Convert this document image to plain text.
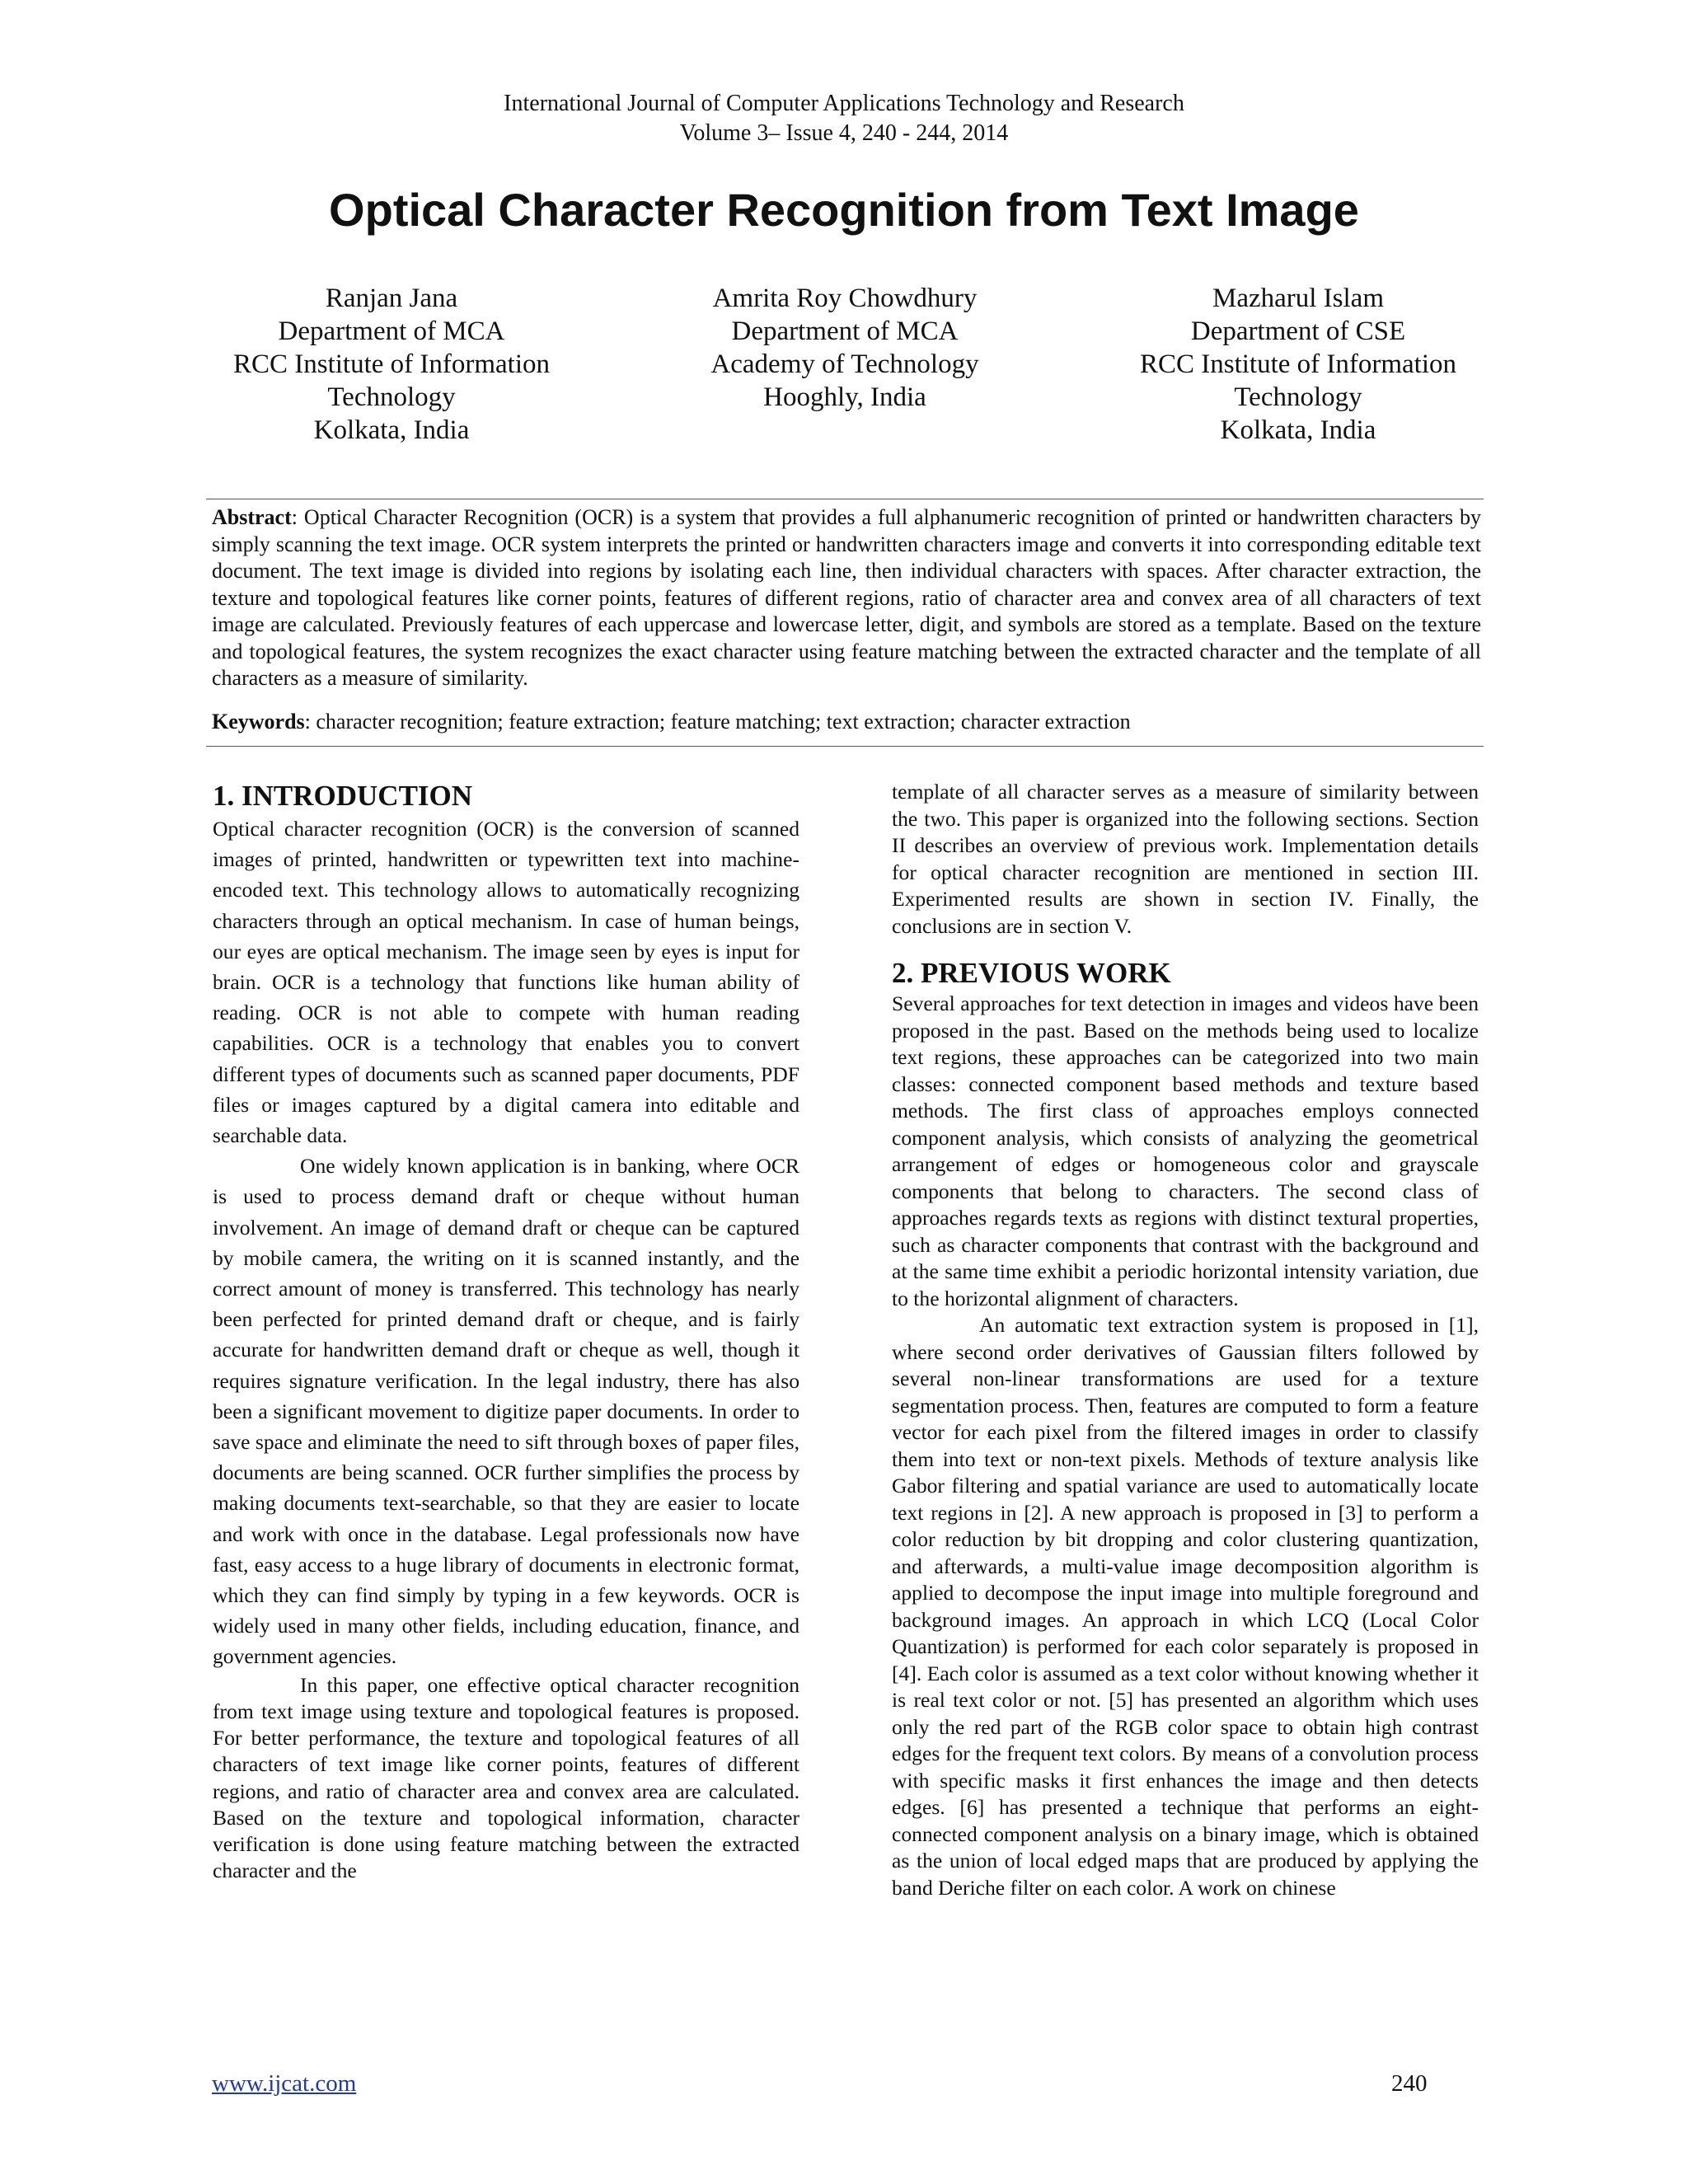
International Journal of Computer Applications Technology and Research
Volume 3– Issue 4, 240 - 244, 2014
Optical Character Recognition from Text Image
Ranjan Jana
Department of MCA
RCC Institute of Information
Technology
Kolkata, India
Amrita Roy Chowdhury
Department of MCA
Academy of Technology
Hooghly, India
Mazharul Islam
Department of CSE
RCC Institute of Information
Technology
Kolkata, India

Abstract: Optical Character Recognition (OCR) is a system that provides a full alphanumeric recognition of printed or handwritten characters by simply scanning the text image. OCR system interprets the printed or handwritten characters image and converts it into corresponding editable text document. The text image is divided into regions by isolating each line, then individual characters with spaces. After character extraction, the texture and topological features like corner points, features of different regions, ratio of character area and convex area of all characters of text image are calculated. Previously features of each uppercase and lowercase letter, digit, and symbols are stored as a template. Based on the texture and topological features, the system recognizes the exact character using feature matching between the extracted character and the template of all characters as a measure of similarity.

Keywords: character recognition; feature extraction; feature matching; text extraction; character extraction

1. INTRODUCTION

Optical character recognition (OCR) is the conversion of scanned images of printed, handwritten or typewritten text into machine-encoded text. This technology allows to automatically recognizing characters through an optical mechanism. In case of human beings, our eyes are optical mechanism. The image seen by eyes is input for brain. OCR is a technology that functions like human ability of reading. OCR is not able to compete with human reading capabilities. OCR is a technology that enables you to convert different types of documents such as scanned paper documents, PDF files or images captured by a digital camera into editable and searchable data.

One widely known application is in banking, where OCR is used to process demand draft or cheque without human involvement. An image of demand draft or cheque can be captured by mobile camera, the writing on it is scanned instantly, and the correct amount of money is transferred. This technology has nearly been perfected for printed demand draft or cheque, and is fairly accurate for handwritten demand draft or cheque as well, though it requires signature verification. In the legal industry, there has also been a significant movement to digitize paper documents. In order to save space and eliminate the need to sift through boxes of paper files, documents are being scanned. OCR further simplifies the process by making documents text-searchable, so that they are easier to locate and work with once in the database. Legal professionals now have fast, easy access to a huge library of documents in electronic format, which they can find simply by typing in a few keywords. OCR is widely used in many other fields, including education, finance, and government agencies.

In this paper, one effective optical character recognition from text image using texture and topological features is proposed. For better performance, the texture and topological features of all characters of text image like corner points, features of different regions, and ratio of character area and convex area are calculated. Based on the texture and topological information, character verification is done using feature matching between the extracted character and the

template of all character serves as a measure of similarity between the two. This paper is organized into the following sections. Section II describes an overview of previous work. Implementation details for optical character recognition are mentioned in section III. Experimented results are shown in section IV. Finally, the conclusions are in section V.

2. PREVIOUS WORK

Several approaches for text detection in images and videos have been proposed in the past. Based on the methods being used to localize text regions, these approaches can be categorized into two main classes: connected component based methods and texture based methods. The first class of approaches employs connected component analysis, which consists of analyzing the geometrical arrangement of edges or homogeneous color and grayscale components that belong to characters. The second class of approaches regards texts as regions with distinct textural properties, such as character components that contrast with the background and at the same time exhibit a periodic horizontal intensity variation, due to the horizontal alignment of characters.

An automatic text extraction system is proposed in [1], where second order derivatives of Gaussian filters followed by several non-linear transformations are used for a texture segmentation process. Then, features are computed to form a feature vector for each pixel from the filtered images in order to classify them into text or non-text pixels. Methods of texture analysis like Gabor filtering and spatial variance are used to automatically locate text regions in [2]. A new approach is proposed in [3] to perform a color reduction by bit dropping and color clustering quantization, and afterwards, a multi-value image decomposition algorithm is applied to decompose the input image into multiple foreground and background images. An approach in which LCQ (Local Color Quantization) is performed for each color separately is proposed in [4]. Each color is assumed as a text color without knowing whether it is real text color or not. [5] has presented an algorithm which uses only the red part of the RGB color space to obtain high contrast edges for the frequent text colors. By means of a convolution process with specific masks it first enhances the image and then detects edges. [6] has presented a technique that performs an eight-connected component analysis on a binary image, which is obtained as the union of local edged maps that are produced by applying the band Deriche filter on each color. A work on chinese

www.ijcat.com	240
